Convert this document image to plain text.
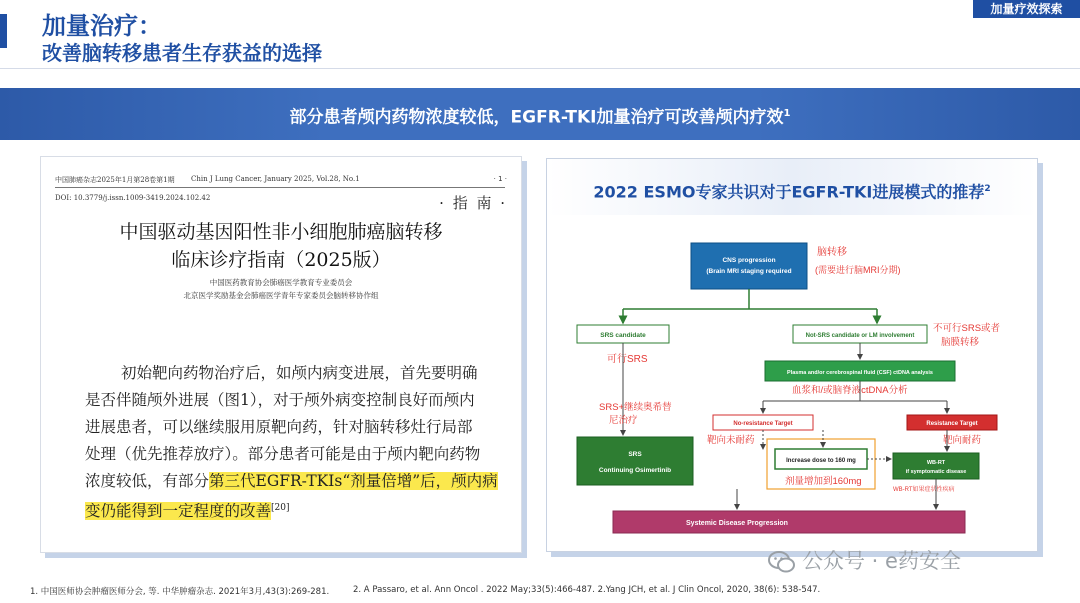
加量治疗：
改善脑转移患者生存获益的选择
加量疗效探索
部分患者颅内药物浓度较低，EGFR-TKI加量治疗可改善颅内疗效$^1$
中国肺癌杂志2025年1月第28卷第1期 Chin J Lung Cancer, January 2025, Vol.28, No.1	· 1 ·
DOI: 10.3779/j.issn.1009-3419.2024.102.42	· 指 南 ·
中国驱动基因阳性非小细胞肺癌脑转移
临床诊疗指南（2025版）
中国医药教育协会肺癌医学教育专业委员会
北京医学奖励基金会肺癌医学青年专家委员会脑转移协作组
初始靶向药物治疗后，如颅内病变进展，首先要明确
是否伴随颅外进展（图1），对于颅外病变控制良好而颅内
进展患者，可以继续服用原靶向药，针对脑转移灶行局部
处理（优先推荐放疗）。部分患者可能是由于颅内靶向药物
浓度较低，有部分第三代EGFR-TKIs“剂量倍增”后，颅内病
变仍能得到一定程度的改善[20]
2022 ESMO专家共识对于EGFR-TKI进展模式的推荐$^2$
CNS progression
(Brain MRI staging required
脑转移
(需要进行脑MRI分期)
SRS candidate
可行SRS
Not-SRS candidate or LM involvement
不可行SRS或者
脑膜转移
Plasma and/or cerebrospinal fluid (CSF) ctDNA analysis
血浆和/或脑脊液ctDNA分析
SRS+继续奥希替
尼治疗	No-resistance Target
靶向未耐药
Resistance Target
靶向耐药
SRS
Continuing Osimertinib
Increase dose to 160 mg
剂量增加到160mg
WB-RT
if symptomatic disease
WB-RT如果症状性疾病
Systemic Disease Progression
1. 中国医师协会肿瘤医师分会, 等. 中华肿瘤杂志. 2021年3月,43(3):269-281.	2. A Passaro, et al. Ann Oncol . 2022 May;33(5):466-487. 2.Yang JCH, et al. J Clin Oncol, 2020, 38(6): 538-547.
公众号 · e药安全
